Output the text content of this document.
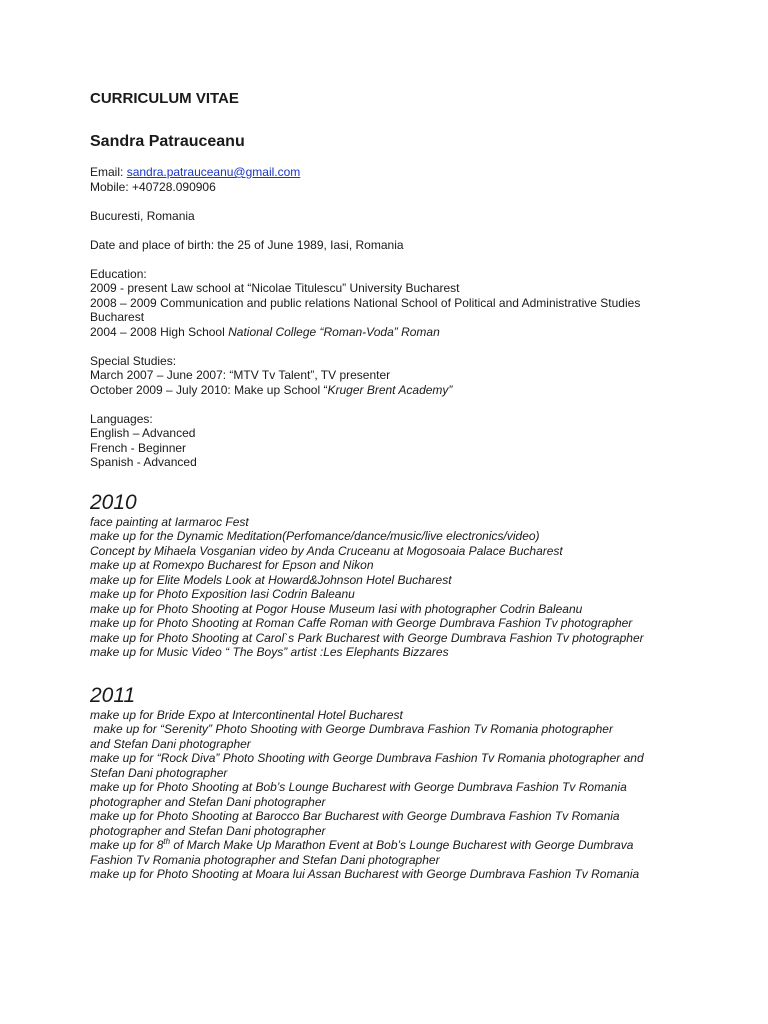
CURRICULUM VITAE

Sandra Patrauceanu

Email: sandra.patrauceanu@gmail.com

Mobile: +40728.090906

Bucuresti, Romania

Date and place of birth: the 25 of June 1989, Iasi, Romania

Education:

2009 - present Law school at “Nicolae Titulescu” University Bucharest

2008 – 2009 Communication and public relations National School of Political and Administrative Studies

Bucharest

2004 – 2008 High School National College “Roman-Voda” Roman

Special Studies:

March 2007 – June 2007: “MTV Tv Talent”, TV presenter

October 2009 – July 2010: Make up School “Kruger Brent Academy”

Languages:

English – Advanced

French - Beginner

Spanish - Advanced

2010

face painting at Iarmaroc Fest

make up for the Dynamic Meditation(Perfomance/dance/music/live electronics/video)

Concept by Mihaela Vosganian video by Anda Cruceanu at Mogosoaia Palace Bucharest

make up at Romexpo Bucharest for Epson and Nikon

make up for Elite Models Look at Howard&Johnson Hotel Bucharest

make up for Photo Exposition Iasi Codrin Baleanu

make up for Photo Shooting at Pogor House Museum Iasi with photographer Codrin Baleanu

make up for Photo Shooting at Roman Caffe Roman with George Dumbrava Fashion Tv photographer

make up for Photo Shooting at Carol`s Park Bucharest with George Dumbrava Fashion Tv photographer

make up for Music Video “ The Boys” artist :Les Elephants Bizzares

2011

make up for Bride Expo at Intercontinental Hotel Bucharest

make up for “Serenity” Photo Shooting with George Dumbrava Fashion Tv Romania photographer

and Stefan Dani photographer

make up for “Rock Diva” Photo Shooting with George Dumbrava Fashion Tv Romania photographer and

Stefan Dani photographer

make up for Photo Shooting at Bob’s Lounge Bucharest with George Dumbrava Fashion Tv Romania

photographer and Stefan Dani photographer

make up for Photo Shooting at Barocco Bar Bucharest with George Dumbrava Fashion Tv Romania

photographer and Stefan Dani photographer

make up for 8th of March Make Up Marathon Event at Bob’s Lounge Bucharest with George Dumbrava

Fashion Tv Romania photographer and Stefan Dani photographer

make up for Photo Shooting at Moara lui Assan Bucharest with George Dumbrava Fashion Tv Romania
